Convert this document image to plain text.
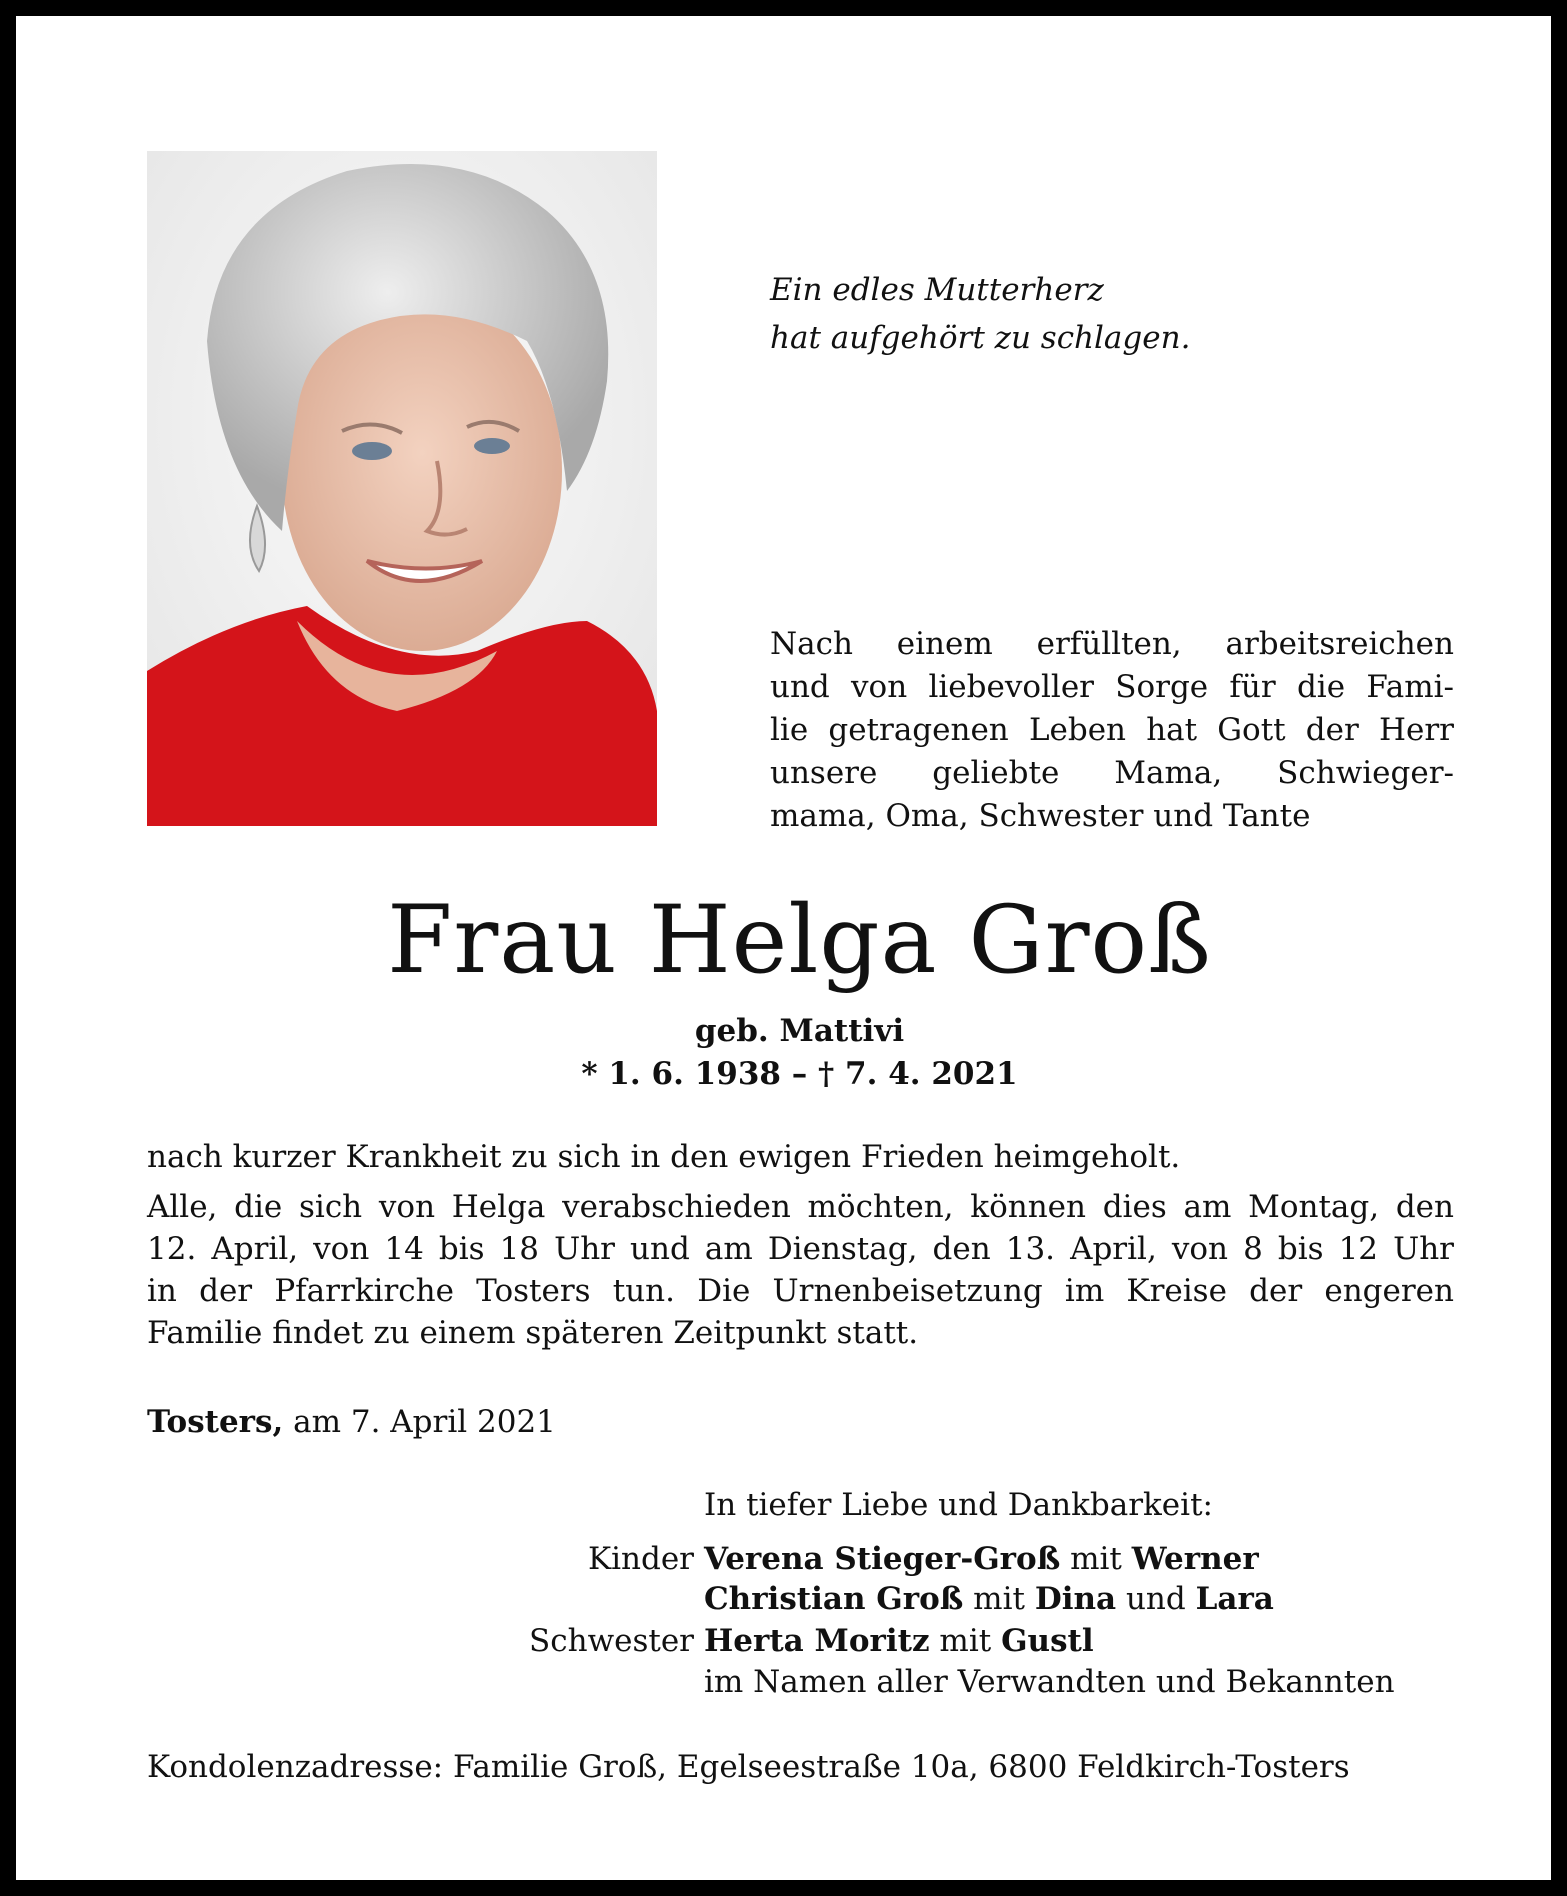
Ein edles Mutterherz
hat aufgehört zu schlagen.
Nach einem erfüllten, arbeitsreichen
und von liebevoller Sorge für die Fami-
lie getragenen Leben hat Gott der Herr
unsere geliebte Mama, Schwieger-
mama, Oma, Schwester und Tante
Frau Helga Groß
geb. Mattivi
* 1. 6. 1938 – † 7. 4. 2021
nach kurzer Krankheit zu sich in den ewigen Frieden heimgeholt.
Alle, die sich von Helga verabschieden möchten, können dies am Montag, den
12. April, von 14 bis 18 Uhr und am Dienstag, den 13. April, von 8 bis 12 Uhr
in der Pfarrkirche Tosters tun. Die Urnenbeisetzung im Kreise der engeren
Familie findet zu einem späteren Zeitpunkt statt.
Tosters, am 7. April 2021
In tiefer Liebe und Dankbarkeit:
Kinder Verena Stieger-Groß mit Werner
Christian Groß mit Dina und Lara
Schwester Herta Moritz mit Gustl
im Namen aller Verwandten und Bekannten
Kondolenzadresse: Familie Groß, Egelseestraße 10a, 6800 Feldkirch-Tosters
